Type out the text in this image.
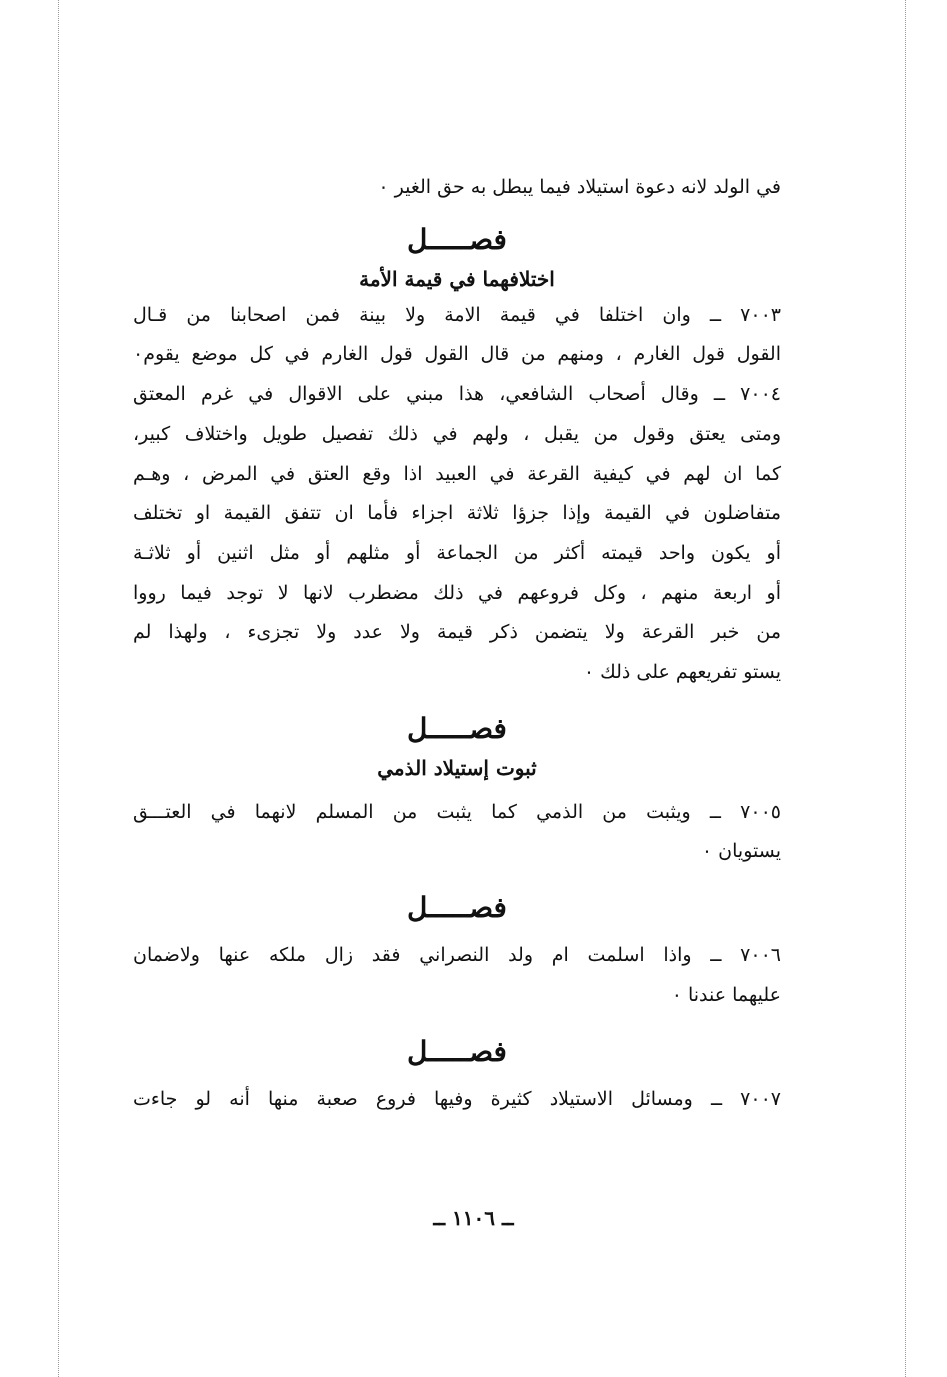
في الولد لانه دعوة استيلاد فيما يبطل به حق الغير ٠
فصـــــل
اختلافهما في قيمة الأمة
٧٠٠٣ ــ وان اختلفا في قيمة الامة ولا بينة فمن اصحابنا من قـال
القول قول الغارم ، ومنهم من قال القول قول الغارم في كل موضع يقوم٠
٧٠٠٤ ــ وقال أصحاب الشافعي، هذا مبني على الاقوال في غرم المعتق
ومتى يعتق وقول من يقبل ، ولهم في ذلك تفصيل طويل واختلاف كبير،
كما ان لهم في كيفية القرعة في العبيد اذا وقع العتق في المرض ، وهـم
متفاضلون في القيمة وإذا جزؤا ثلاثة اجزاء فأما ان تتفق القيمة او تختلف
أو يكون واحد قيمته أكثر من الجماعة أو مثلهم أو مثل اثنين أو ثلاثـة
أو اربعة منهم ، وكل فروعهم في ذلك مضطرب لانها لا توجد فيما رووا
من خبر القرعة ولا يتضمن ذكر قيمة ولا عدد ولا تجزىء ، ولهذا لم
يستو تفريعهم على ذلك ٠
فصـــــل
ثبوت إستيلاد الذمي
٧٠٠٥ ــ ويثبت من الذمي كما يثبت من المسلم لانهما في العتـــق
يستويان ٠
فصـــــل
٧٠٠٦ ــ واذا اسلمت ام ولد النصراني فقد زال ملكه عنها ولاضمان
عليهما عندنا ٠
فصـــــل
٧٠٠٧ ــ ومسائل الاستيلاد كثيرة وفيها فروع صعبة منها أنه لو جاءت
ــ ١١٠٦ ــ
